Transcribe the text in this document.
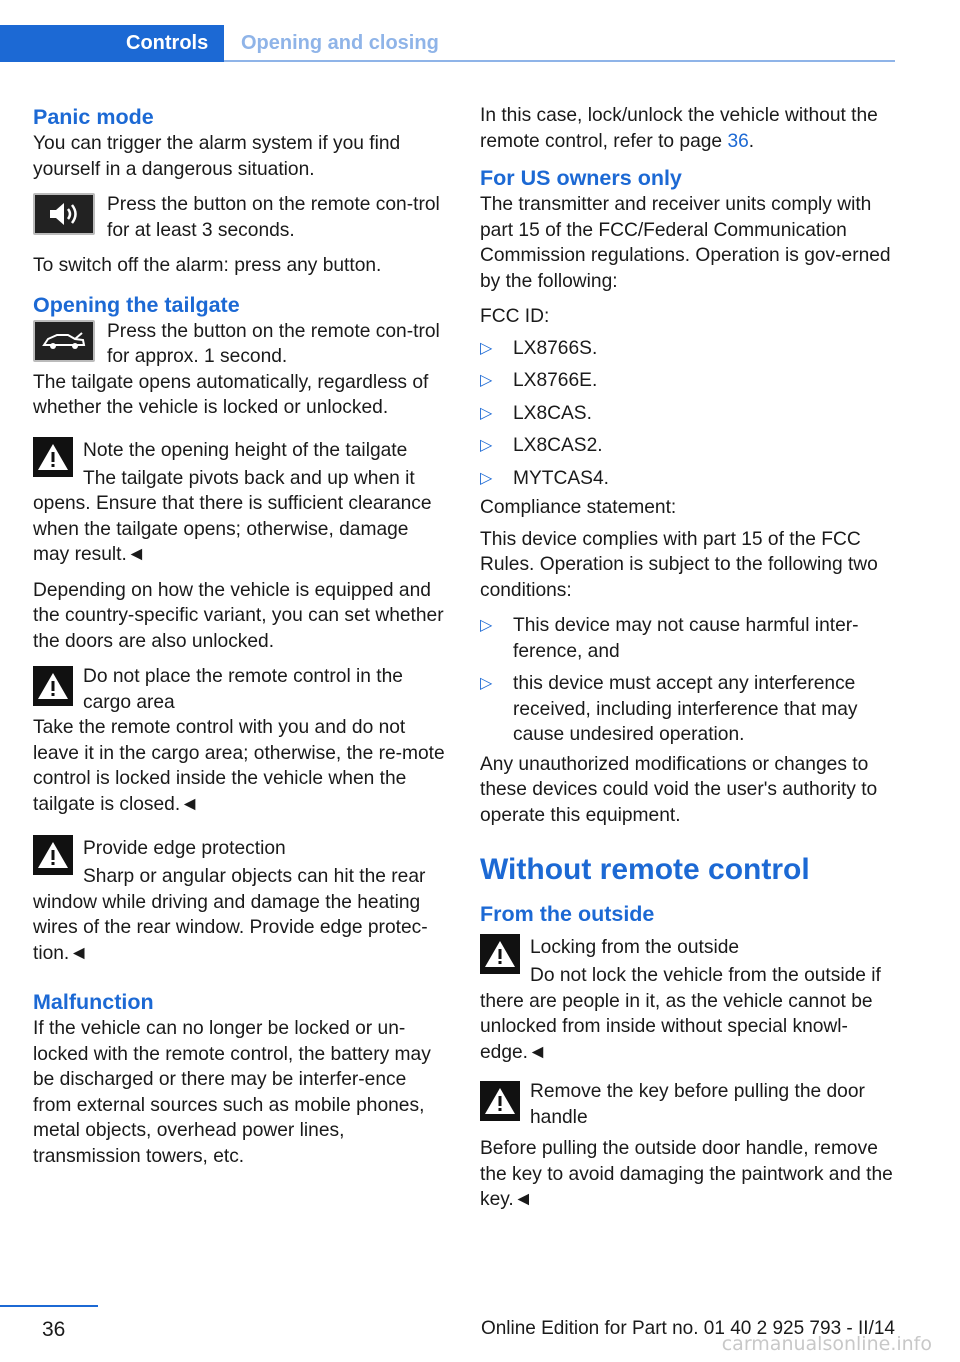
Controls	Opening and closing
Panic mode

You can trigger the alarm system if you find yourself in a dangerous situation.

Press the button on the remote con‐trol for at least 3 seconds.

To switch off the alarm: press any button.

Opening the tailgate

Press the button on the remote con‐trol for approx. 1 second.

The tailgate opens automatically, regardless of whether the vehicle is locked or unlocked.

Note the opening height of the tailgate

The tailgate pivots back and up when it opens. Ensure that there is sufficient clearance when the tailgate opens; otherwise, damage may result.◄

Depending on how the vehicle is equipped and the country-specific variant, you can set whether the doors are also unlocked.

Do not place the remote control in the cargo area

Take the remote control with you and do not leave it in the cargo area; otherwise, the re‐mote control is locked inside the vehicle when the tailgate is closed.◄

Provide edge protection

Sharp or angular objects can hit the rear window while driving and damage the heating wires of the rear window. Provide edge protec‐tion.◄

Malfunction

If the vehicle can no longer be locked or un‐locked with the remote control, the battery may be discharged or there may be interfer‐ence from external sources such as mobile phones, metal objects, overhead power lines, transmission towers, etc.

In this case, lock/unlock the vehicle without the remote control, refer to page 36.

For US owners only

The transmitter and receiver units comply with part 15 of the FCC/Federal Communication Commission regulations. Operation is gov‐erned by the following:

FCC ID:

▷ LX8766S.
▷ LX8766E.
▷ LX8CAS.
▷ LX8CAS2.
▷ MYTCAS4.

Compliance statement:

This device complies with part 15 of the FCC Rules. Operation is subject to the following two conditions:

▷ This device may not cause harmful inter‐ference, and
▷ this device must accept any interference received, including interference that may cause undesired operation.

Any unauthorized modifications or changes to these devices could void the user's authority to operate this equipment.

Without remote control
From the outside

Locking from the outside

Do not lock the vehicle from the outside if there are people in it, as the vehicle cannot be unlocked from inside without special knowl‐edge.◄

Remove the key before pulling the door handle

Before pulling the outside door handle, remove the key to avoid damaging the paintwork and the key.◄

36	Online Edition for Part no. 01 40 2 925 793 - II/14
carmanualsonline.info
